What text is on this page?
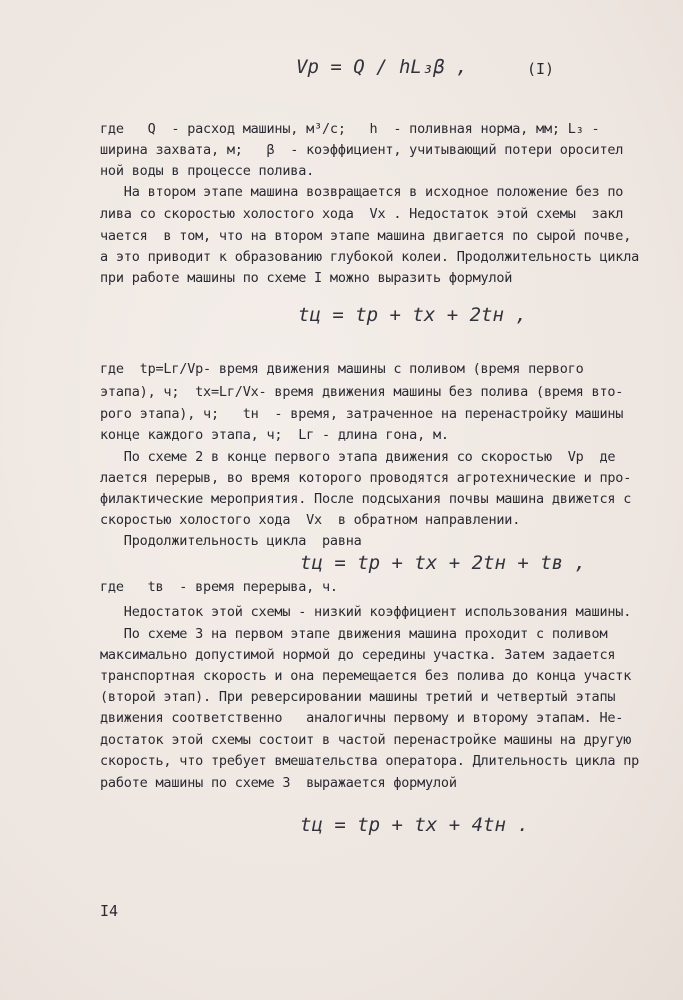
Vp = Q / hL₃β ,	(I)
где   Q  - расход машины, м³/с;   h  - поливная норма, мм; L₃ -
ширина захвата, м;   β  - коэффициент, учитывающий потери оросител
ной воды в процессе полива.
На втором этапе машина возвращается в исходное положение без по
лива со скоростью холостого хода  Vx . Недостаток этой схемы  закл
чается  в том, что на втором этапе машина двигается по сырой почве,
а это приводит к образованию глубокой колеи. Продолжительность цикла
при работе машины по схеме I можно выразить формулой
tц = tр + tх + 2tн ,
где  tр=Lг/Vр- время движения машины с поливом (время первого
этапа), ч;  tх=Lг/Vх- время движения машины без полива (время вто-
рого этапа), ч;   tн  - время, затраченное на перенастройку машины
конце каждого этапа, ч;  Lг - длина гона, м.
По схеме 2 в конце первого этапа движения со скоростью  Vр  де
лается перерыв, во время которого проводятся агротехнические и про-
филактические мероприятия. После подсыхания почвы машина движется с
скоростью холостого хода  Vх  в обратном направлении.
Продолжительность цикла  равна
tц = tр + tх + 2tн + tв ,
где   tв  - время перерыва, ч.
Недостаток этой схемы - низкий коэффициент использования машины.
По схеме 3 на первом этапе движения машина проходит с поливом
максимально допустимой нормой до середины участка. Затем задается
транспортная скорость и она перемещается без полива до конца участк
(второй этап). При реверсировании машины третий и четвертый этапы
движения соответственно   аналогичны первому и второму этапам. Не-
достаток этой схемы состоит в частой перенастройке машины на другую
скорость, что требует вмешательства оператора. Длительность цикла пр
работе машины по схеме 3  выражается формулой
tц = tр + tх + 4tн .
I4
